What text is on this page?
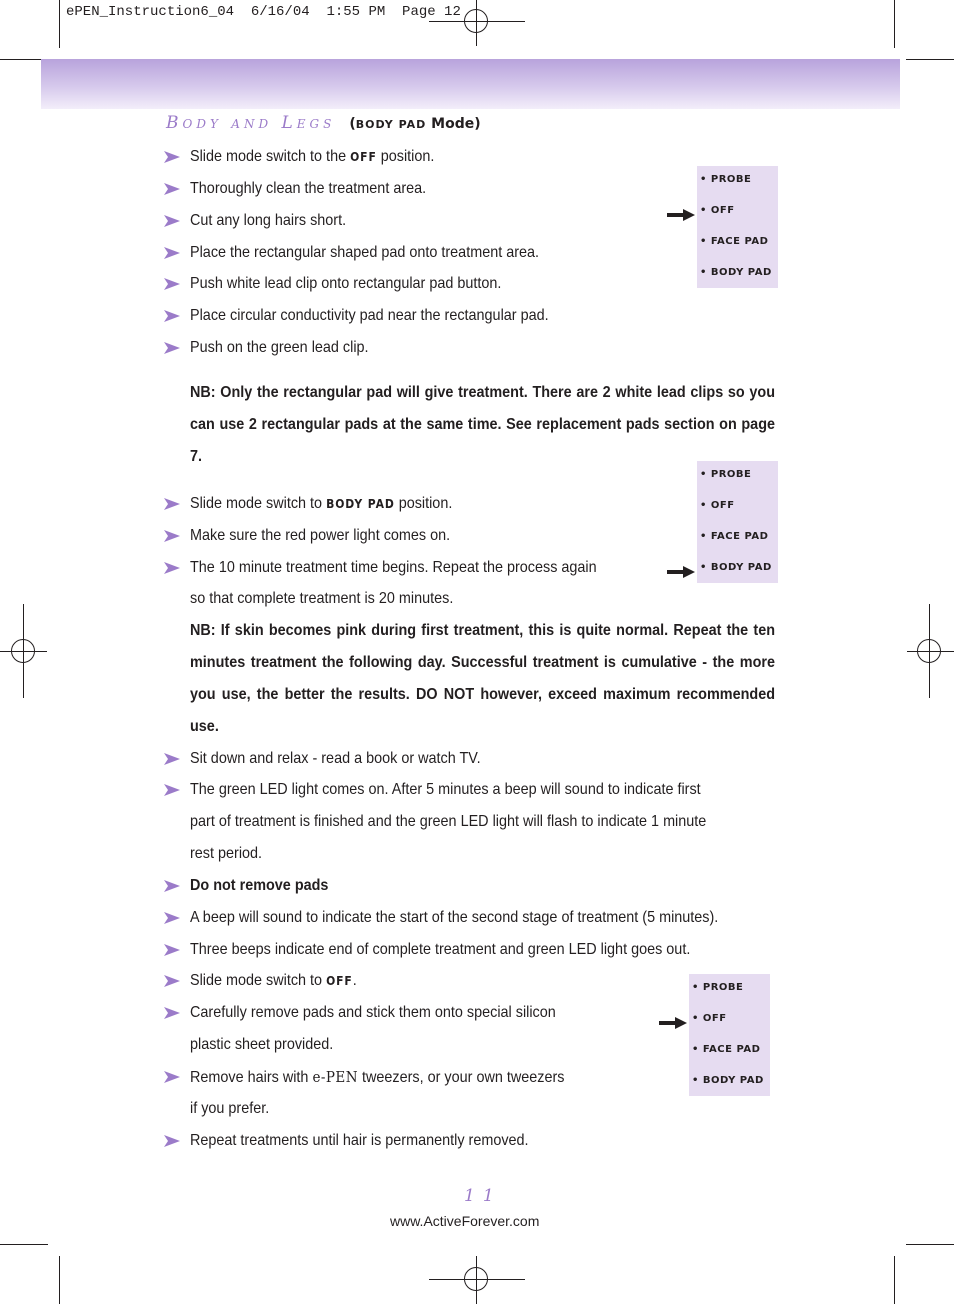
ePEN_Instruction6_04  6/16/04  1:55 PM  Page 12
Body and Legs (BODY PAD Mode)
Slide mode switch to the OFF position.
Thoroughly clean the treatment area.
Cut any long hairs short.
Place the rectangular shaped pad onto treatment area.
Push white lead clip onto rectangular pad button.
Place circular conductivity pad near the rectangular pad.
Push on the green lead clip.
Slide mode switch to BODY PAD position.
Make sure the red power light comes on.
The 10 minute treatment time begins. Repeat the process again
so that complete treatment is 20 minutes.
Sit down and relax - read a book or watch TV.
The green LED light comes on. After 5 minutes a beep will sound to indicate first
part of treatment is finished and the green LED light will flash to indicate 1 minute
rest period.
Do not remove pads
A beep will sound to indicate the start of the second stage of treatment (5 minutes).
Three beeps indicate end of complete treatment and green LED light goes out.
Slide mode switch to OFF.
Carefully remove pads and stick them onto special silicon
plastic sheet provided.
Remove hairs with e-PEN tweezers, or your own tweezers
if you prefer.
Repeat treatments until hair is permanently removed.
NB: Only the rectangular pad will give treatment. There are 2 white lead clips so you can use 2 rectangular pads at the same time. See replacement pads section on page 7.
NB: If skin becomes pink during first treatment, this is quite normal. Repeat the ten minutes treatment the following day. Successful treatment is cumulative - the more you use, the better the results. DO NOT however, exceed maximum recommended use.
• PROBE
• OFF
• FACE PAD
• BODY PAD
• PROBE
• OFF
• FACE PAD
• BODY PAD
• PROBE
• OFF
• FACE PAD
• BODY PAD
11
www.ActiveForever.com
